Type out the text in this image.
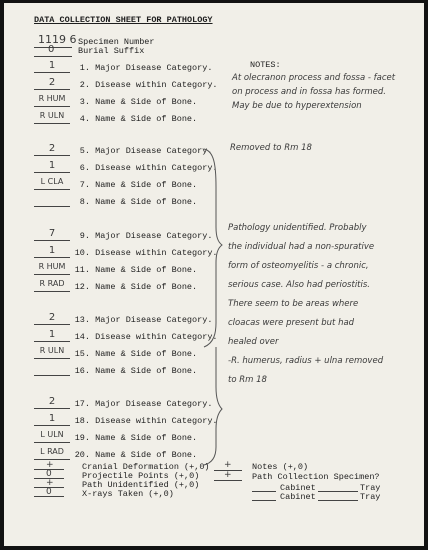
DATA COLLECTION SHEET FOR PATHOLOGY
1119 6 Specimen Number
0	Burial Suffix
NOTES:
1	1. Major Disease Category.
2	2. Disease within Category.
R HUM	3. Name & Side of Bone.
R ULN	4. Name & Side of Bone.
2	5. Major Disease Category.
1	6. Disease within Category.
L CLA	7. Name & Side of Bone.
8. Name & Side of Bone.
7	9. Major Disease Category.
1	10. Disease within Category.
R HUM	11. Name & Side of Bone.
R RAD	12. Name & Side of Bone.
2	13. Major Disease Category.
1	14. Disease within Category.
R ULN	15. Name & Side of Bone.
16. Name & Side of Bone.
2	17. Major Disease Category.
1	18. Disease within Category.
L ULN	19. Name & Side of Bone.
L RAD	20. Name & Side of Bone.
At olecranon process and fossa - facet
on process and in fossa has formed.
May be due to hyperextension
Removed to Rm 18
Pathology unidentified. Probably
the individual had a non-spurative
form of osteomyelitis - a chronic,
serious case. Also had periostitis.
There seem to be areas where
cloacas were present but had
healed over
-R. humerus, radius + ulna removed
to Rm 18
+	Cranial Deformation (+,0)
0	Projectile Points (+,0)
+	Path Unidentified (+,0)
0	X-rays Taken (+,0)
+ Notes (+,0)
+ Path Collection Specimen?
Cabinet	Tray
Cabinet	Tray
